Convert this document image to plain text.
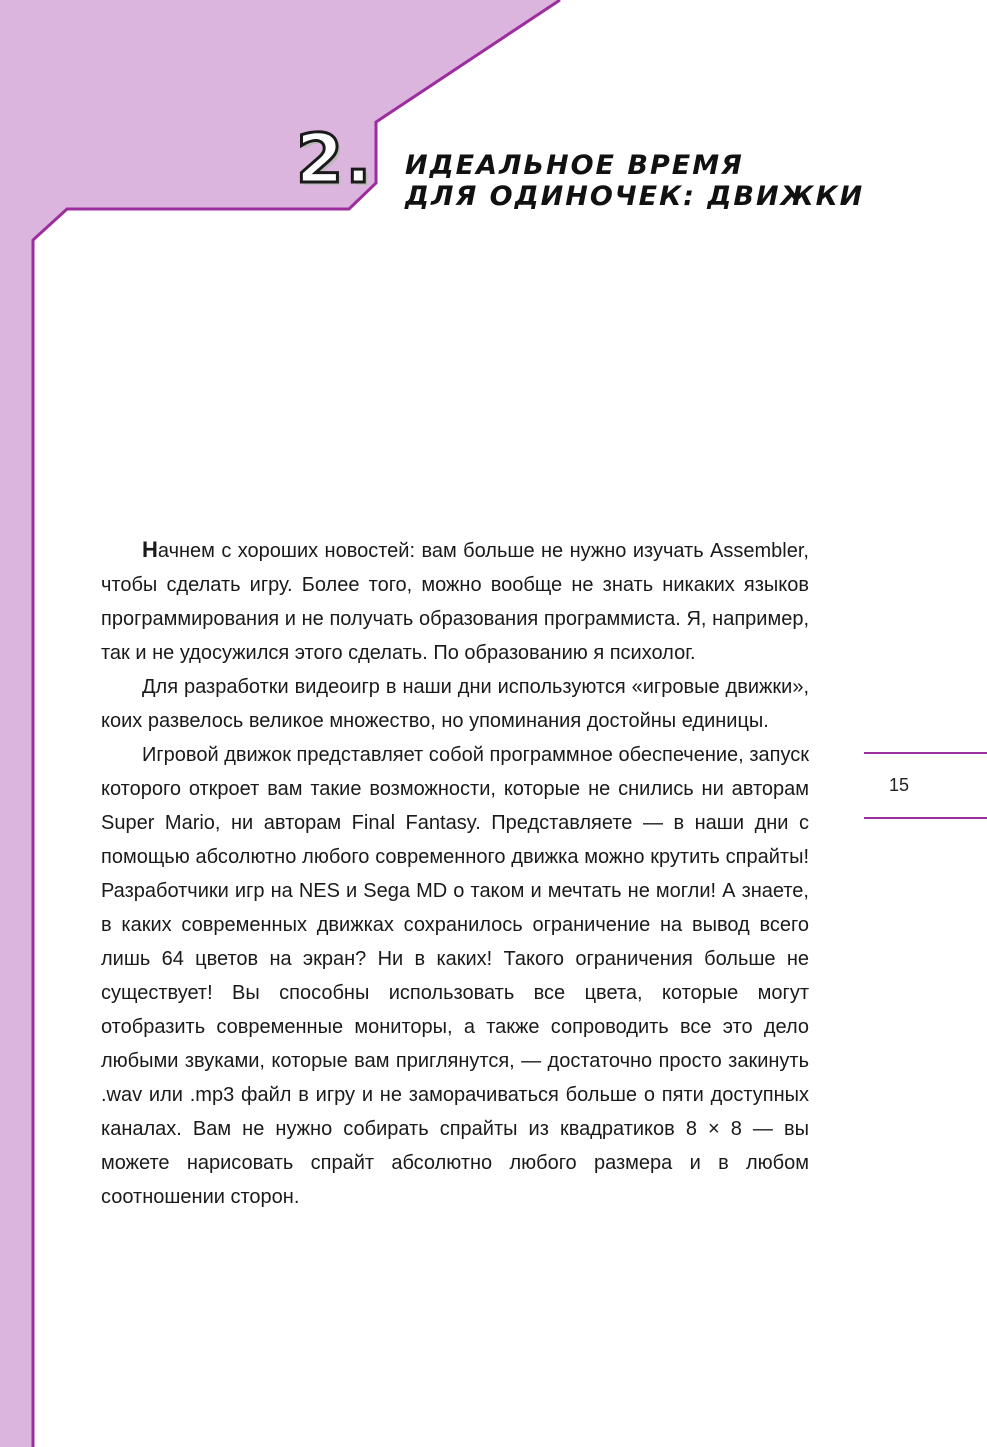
2. ИДЕАЛЬНОЕ ВРЕМЯ
ДЛЯ ОДИНОЧЕК: ДВИЖКИ

Начнем с хороших новостей: вам больше не нужно изучать Assembler, чтобы сделать игру. Более того, можно вообще не знать никаких языков программирования и не получать образования программиста. Я, например, так и не удосужился этого сделать. По образованию я психолог.

Для разработки видеоигр в наши дни используются «игровые движки», коих развелось великое множество, но упоминания достойны единицы.

Игровой движок представляет собой программное обеспечение, запуск которого откроет вам такие возможности, которые не снились ни авторам Super Mario, ни авторам Final Fantasy. Представляете — в наши дни с помощью абсолютно любого современного движка можно крутить спрайты! Разработчики игр на NES и Sega MD о таком и мечтать не могли! А знаете, в каких современных движках сохранилось ограничение на вывод всего лишь 64 цветов на экран? Ни в каких! Такого ограничения больше не существует! Вы способны использовать все цвета, которые могут отобразить современные мониторы, а также сопроводить все это дело любыми звуками, которые вам приглянутся, — достаточно просто закинуть .wav или .mp3 файл в игру и не заморачиваться больше о пяти доступных каналах. Вам не нужно собирать спрайты из квадратиков 8 × 8 — вы можете нарисовать спрайт абсолютно любого размера и в любом соотношении сторон.

15
